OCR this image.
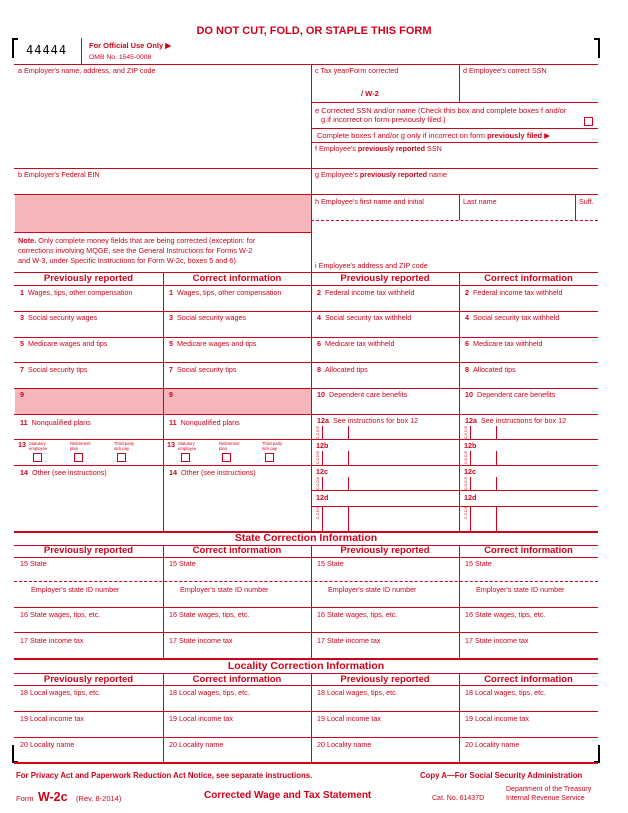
DO NOT CUT, FOLD, OR STAPLE THIS FORM
44444	For Official Use Only ▶
OMB No. 1545-0008
a Employer's name, address, and ZIP code
b Employer's Federal EIN
Note. Only complete money fields that are being corrected (exception: for
corrections involving MQGE, see the General Instructions for Forms W-2
and W-3, under Specific Instructions for Form W-2c, boxes 5 and 6).
c Tax year/Form corrected
/ W-2
d Employee's correct SSN
e Corrected SSN and/or name (Check this box and complete boxes f and/or
g if incorrect on form previously filed.)
Complete boxes f and/or g only if incorrect on form previously filed ▶
f Employee's previously reported SSN
g Employee's previously reported name
h Employee's first name and initial	Last name	Suff.
i Employee's address and ZIP code
Previously reported	Correct information	Previously reported	Correct information
1 Wages, tips, other compensation	1 Wages, tips, other compensation	2 Federal income tax withheld	2 Federal income tax withheld
3 Social security wages	3 Social security wages	4 Social security tax withheld	4 Social security tax withheld
5 Medicare wages and tips	5 Medicare wages and tips	6 Medicare tax withheld	6 Medicare tax withheld
7 Social security tips	7 Social security tips	8 Allocated tips	8 Allocated tips
9	9	10 Dependent care benefits	10 Dependent care benefits
11 Nonqualified plans	11 Nonqualified plans	12a See instructions for box 12	12a See instructions for box 12
C O D E	C O D E
13 Statutory employee
Retirement plan
Third-party sick pay	13 Statutory employee
Retirement plan
Third-party sick pay	12b	12b
C O D E	C O D E
14 Other (see instructions)	14 Other (see instructions)	12c	12c
C O D E	C O D E
12d	12d
C O D E	C O D E
State Correction Information
Previously reported	Correct information	Previously reported	Correct information
15 State	15 State	15 State	15 State
Employer's state ID number	Employer's state ID number	Employer's state ID number	Employer's state ID number
16 State wages, tips, etc.	16 State wages, tips, etc.	16 State wages, tips, etc.	16 State wages, tips, etc.
17 State income tax	17 State income tax	17 State income tax	17 State income tax
Locality Correction Information
Previously reported	Correct information	Previously reported	Correct information
18 Local wages, tips, etc.	18 Local wages, tips, etc.	18 Local wages, tips, etc.	18 Local wages, tips, etc.
19 Local income tax	19 Local income tax	19 Local income tax	19 Local income tax
20 Locality name	20 Locality name	20 Locality name	20 Locality name
For Privacy Act and Paperwork Reduction Act Notice, see separate instructions.	Copy A—For Social Security Administration
Form W-2c (Rev. 8-2014)	Corrected Wage and Tax Statement	Cat. No. 61437D
Department of the Treasury
Internal Revenue Service
